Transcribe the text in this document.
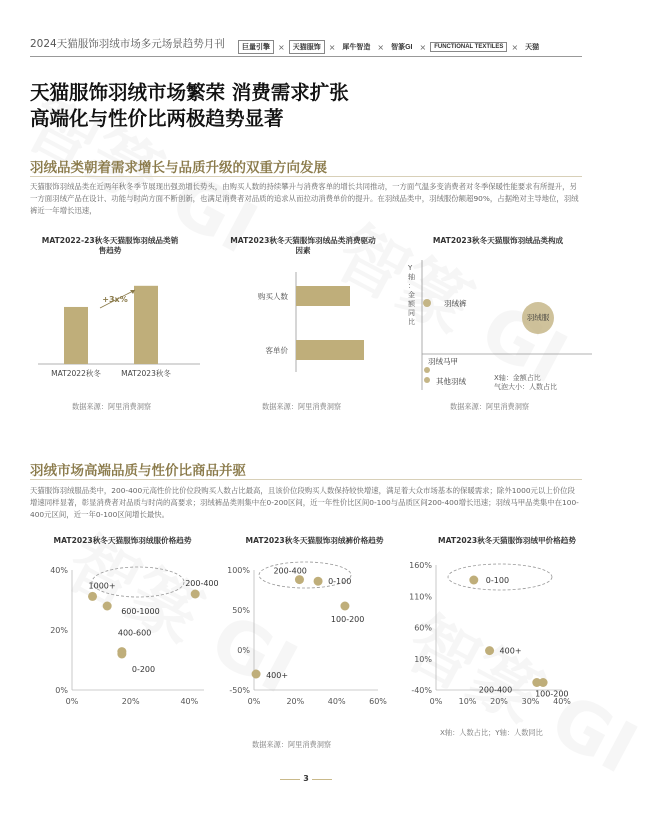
2024天猫服饰羽绒市场多元场景趋势月刊	巨量引擎	×	天猫服饰	×	犀牛智造 ×	智篆GI ×	FUNCTIONAL TEXTILES	×	天猫
天猫服饰羽绒市场繁荣 消费需求扩张
高端化与性价比两极趋势显著
羽绒品类朝着需求增长与品质升级的双重方向发展
天猫服饰羽绒品类在近两年秋冬季节展现出强劲增长势头，由购买人数的持续攀升与消费客单的增长共同推动，一方面气温多变消费者对冬季保暖性能要求有所提升，另一方面羽绒产品在设计、功能与时尚方面不断创新，也满足消费者对品质的追求从而拉动消费单价的提升。在羽绒品类中，羽绒服份额超90%，占据绝对主导地位，羽绒裤近一年增长迅速，
MAT2022-23秋冬天猫服饰羽绒品类销售趋势
MAT2022秋冬	MAT2023秋冬
+3x%
数据来源：阿里消费洞察
MAT2023秋冬天猫服饰羽绒品类消费驱动因素
购买人数
客单价
数据来源：阿里消费洞察
MAT2023秋冬天猫服饰羽绒品类构成
Y 轴 ： 金 额 同 比
羽绒裤
羽绒服
羽绒马甲
其他羽绒	X轴：金额占比
气泡大小：人数占比
数据来源：阿里消费洞察
羽绒市场高端品质与性价比商品并驱
天猫服饰羽绒服品类中，200-400元高性价比价位段购买人数占比最高，且该价位段购买人数保持较快增速，满足着大众市场基本的保暖需求；除外1000元以上价位段增速同样显著，彰显消费者对品质与时尚的高要求；羽绒裤品类则集中在0-200区间，近一年性价比区间0-100与品质区间200-400增长迅速；羽绒马甲品类集中在100-400元区间，近一年0-100区间增长最快。
MAT2023秋冬天猫服饰羽绒服价格趋势	MAT2023秋冬天猫服饰羽绒裤价格趋势	MAT2023秋冬天猫服饰羽绒甲价格趋势
0%	20%	40%
40%
20%
0%
1000+
600-1000
200-400
400-600
0-200
0%	20%	40%	60%
100%
50%
0%
-50%
200-400
0-100
100-200
400+
0% 10% 20% 30% 40%
160%
110%
60%
10%
-40%
0-100
400+
200-400	100-200
数据来源：阿里消费洞察
X轴：人数占比；Y轴：人数同比
3
